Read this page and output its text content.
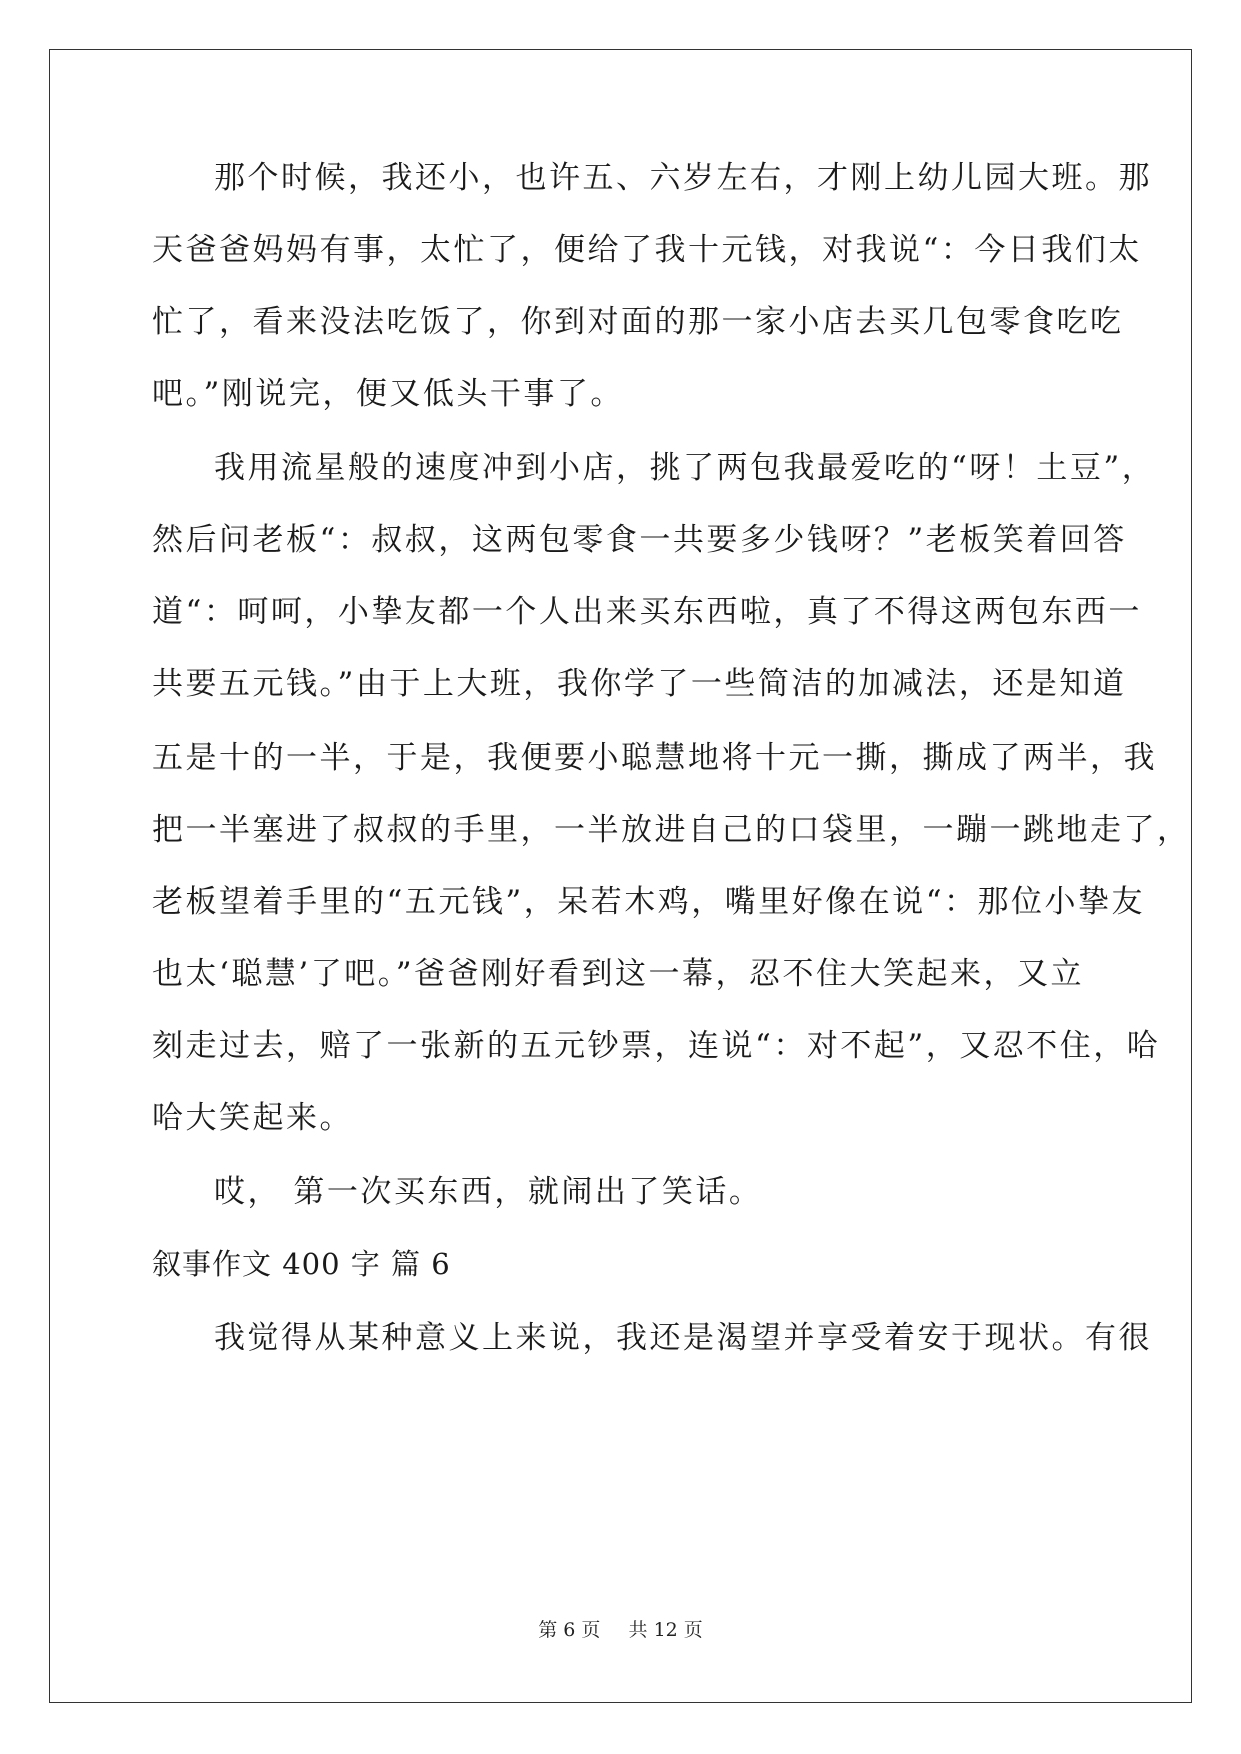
那个时候，我还小，也许五、六岁左右，才刚上幼儿园大班。那
天爸爸妈妈有事，太忙了，便给了我十元钱，对我说“：今日我们太
忙了，看来没法吃饭了，你到对面的那一家小店去买几包零食吃吃
吧。”刚说完，便又低头干事了。
我用流星般的速度冲到小店，挑了两包我最爱吃的“呀！土豆”，
然后问老板“：叔叔，这两包零食一共要多少钱呀？”老板笑着回答
道“：呵呵，小挚友都一个人出来买东西啦，真了不得这两包东西一
共要五元钱。”由于上大班，我你学了一些简洁的加减法，还是知道
五是十的一半，于是，我便要小聪慧地将十元一撕，撕成了两半，我
把一半塞进了叔叔的手里，一半放进自己的口袋里，一蹦一跳地走了，
老板望着手里的“五元钱”，呆若木鸡，嘴里好像在说“：那位小挚友
也太‘聪慧’了吧。”爸爸刚好看到这一幕，忍不住大笑起来，又立
刻走过去，赔了一张新的五元钞票，连说“：对不起”，又忍不住，哈
哈大笑起来。
哎， 第一次买东西，就闹出了笑话。
叙事作文 400 字 篇 6
我觉得从某种意义上来说，我还是渴望并享受着安于现状。有很
第 6 页 共 12 页
